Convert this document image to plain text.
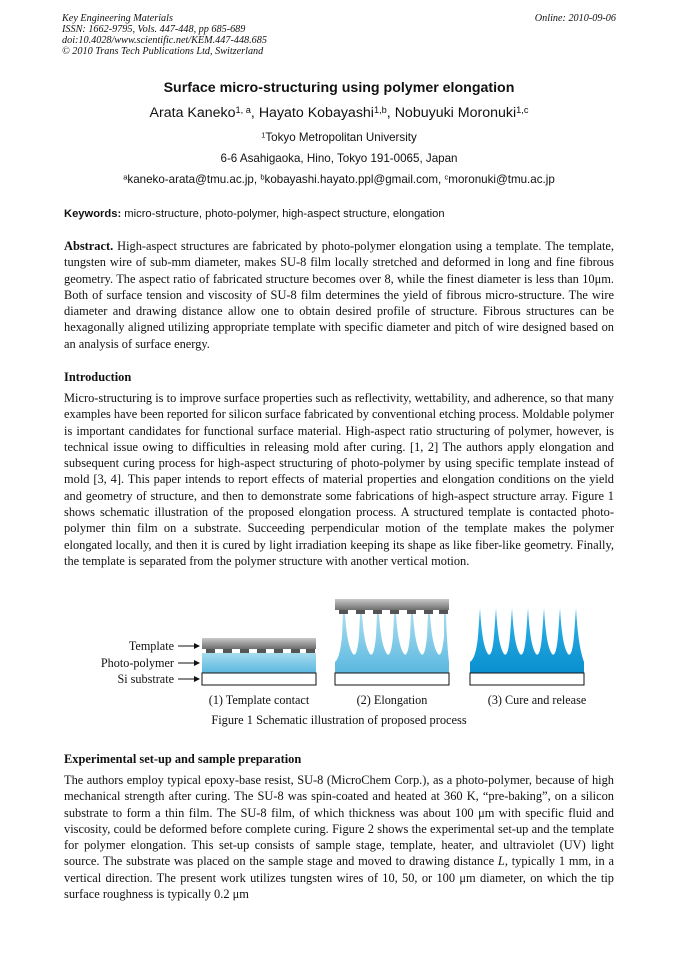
Key Engineering Materials
ISSN: 1662-9795, Vols. 447-448, pp 685-689
doi:10.4028/www.scientific.net/KEM.447-448.685
© 2010 Trans Tech Publications Ltd, Switzerland
Online: 2010-09-06
Surface micro-structuring using polymer elongation
Arata Kaneko$^{1, a}$, Hayato Kobayashi$^{1,b}$, Nobuyuki Moronuki$^{1,c}$
$^1$Tokyo Metropolitan University
6-6 Asahigaoka, Hino, Tokyo 191-0065, Japan
$^a$kaneko-arata@tmu.ac.jp, $^b$kobayashi.hayato.ppl@gmail.com, $^c$moronuki@tmu.ac.jp
Keywords: micro-structure, photo-polymer, high-aspect structure, elongation
Abstract. High-aspect structures are fabricated by photo-polymer elongation using a template. The template, tungsten wire of sub-mm diameter, makes SU-8 film locally stretched and deformed in long and fine fibrous geometry. The aspect ratio of fabricated structure becomes over 8, while the finest diameter is less than 10μm. Both of surface tension and viscosity of SU-8 film determines the yield of fibrous micro-structure. The wire diameter and drawing distance allow one to obtain desired profile of structure. Fibrous structures can be hexagonally aligned utilizing appropriate template with specific diameter and pitch of wire designed based on an analysis of surface energy.
Introduction
Micro-structuring is to improve surface properties such as reflectivity, wettability, and adherence, so that many examples have been reported for silicon surface fabricated by conventional etching process. Moldable polymer is important candidates for functional surface material. High-aspect ratio structuring of polymer, however, is technical issue owing to difficulties in releasing mold after curing. [1, 2] The authors apply elongation and subsequent curing process for high-aspect structuring of photo-polymer by using specific template instead of mold [3, 4]. This paper intends to report effects of material properties and elongation conditions on the yield and geometry of structure, and then to demonstrate some fabrications of high-aspect structure array. Figure 1 shows schematic illustration of the proposed elongation process. A structured template is contacted photo-polymer thin film on a substrate. Succeeding perpendicular motion of the template makes the polymer elongated locally, and then it is cured by light irradiation keeping its shape as like fiber-like geometry. Finally, the template is separated from the polymer structure with another vertical motion.
Template
Photo-polymer
Si substrate
(1) Template contact	(2) Elongation	(3) Cure and release
Figure 1 Schematic illustration of proposed process
Experimental set-up and sample preparation
The authors employ typical epoxy-base resist, SU-8 (MicroChem Corp.), as a photo-polymer, because of high mechanical strength after curing. The SU-8 was spin-coated and heated at 360 K, “pre-baking”, on a silicon substrate to form a thin film. The SU-8 film, of which thickness was about 100 μm with specific fluid and viscosity, could be deformed before complete curing. Figure 2 shows the experimental set-up and the template for polymer elongation. This set-up consists of sample stage, template, heater, and ultraviolet (UV) light source. The substrate was placed on the sample stage and moved to drawing distance L, typically 1 mm, in a vertical direction. The present work utilizes tungsten wires of 10, 50, or 100 μm diameter, on which the tip surface roughness is typically 0.2 μm
